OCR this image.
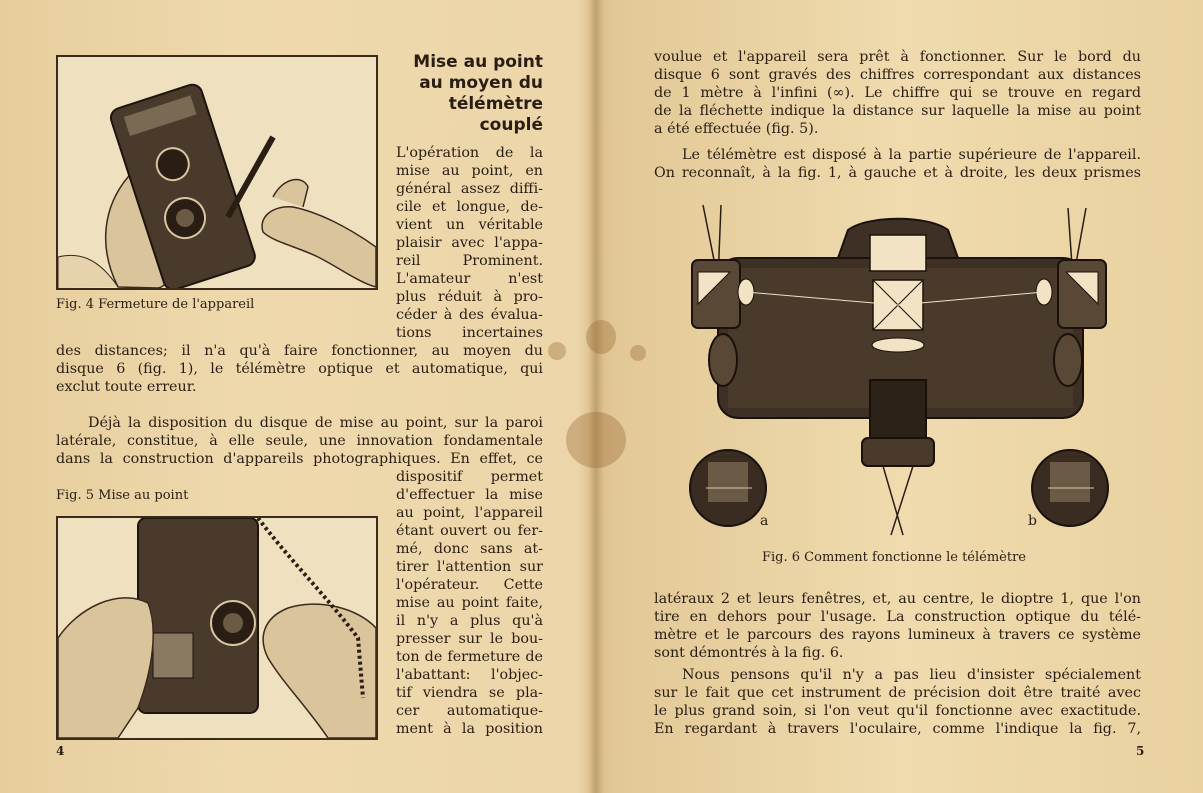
Fig. 4 Fermeture de l'appareil
Mise au point
au moyen du
télémètre
couplé
L'opération de la
mise au point, en
général assez diffi-
cile et longue, de-
vient un véritable
plaisir avec l'appa-
reil Prominent.
L'amateur n'est
plus réduit à pro-
céder à des évalua-
tions incertaines
des distances; il n'a qu'à faire fonctionner, au moyen du
disque 6 (fig. 1), le télémètre optique et automatique, qui
exclut toute erreur.
Déjà la disposition du disque de mise au point, sur la paroi
latérale, constitue, à elle seule, une innovation fondamentale
dans la construction d'appareils photographiques. En effet, ce
Fig. 5 Mise au point
dispositif permet
d'effectuer la mise
au point, l'appareil
étant ouvert ou fer-
mé, donc sans at-
tirer l'attention sur
l'opérateur. Cette
mise au point faite,
il n'y a plus qu'à
presser sur le bou-
ton de fermeture de
l'abattant: l'objec-
tif viendra se pla-
cer automatique-
ment à la position
4
voulue et l'appareil sera prêt à fonctionner. Sur le bord du
disque 6 sont gravés des chiffres correspondant aux distances
de 1 mètre à l'infini (∞). Le chiffre qui se trouve en regard
de la fléchette indique la distance sur laquelle la mise au point
a été effectuée (fig. 5).
Le télémètre est disposé à la partie supérieure de l'appareil.
On reconnaît, à la fig. 1, à gauche et à droite, les deux prismes
a	b
Fig. 6 Comment fonctionne le télémètre
latéraux 2 et leurs fenêtres, et, au centre, le dioptre 1, que l'on
tire en dehors pour l'usage. La construction optique du télé-
mètre et le parcours des rayons lumineux à travers ce système
sont démontrés à la fig. 6.
Nous pensons qu'il n'y a pas lieu d'insister spécialement
sur le fait que cet instrument de précision doit être traité avec
le plus grand soin, si l'on veut qu'il fonctionne avec exactitude.
En regardant à travers l'oculaire, comme l'indique la fig. 7,
5
